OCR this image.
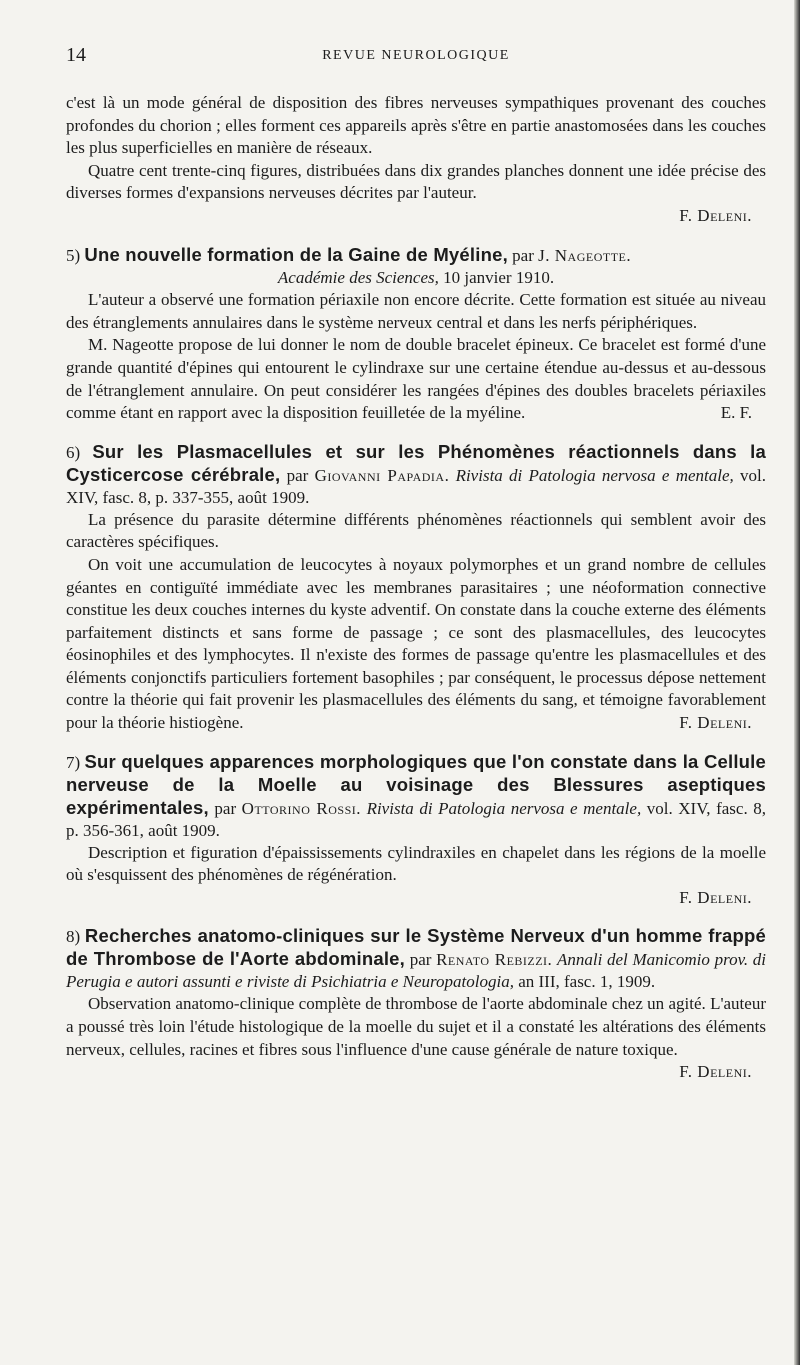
14	REVUE NEUROLOGIQUE

c'est là un mode général de disposition des fibres nerveuses sympathiques provenant des couches profondes du chorion ; elles forment ces appareils après s'être en partie anastomosées dans les couches les plus superficielles en manière de réseaux.

Quatre cent trente-cinq figures, distribuées dans dix grandes planches donnent une idée précise des diverses formes d'expansions nerveuses décrites par l'auteur.

F. Deleni.

5) Une nouvelle formation de la Gaine de Myéline, par J. Nageotte.

Académie des Sciences, 10 janvier 1910.

L'auteur a observé une formation périaxile non encore décrite. Cette formation est située au niveau des étranglements annulaires dans le système nerveux central et dans les nerfs périphériques.

M. Nageotte propose de lui donner le nom de double bracelet épineux. Ce bracelet est formé d'une grande quantité d'épines qui entourent le cylindraxe sur une certaine étendue au-dessus et au-dessous de l'étranglement annulaire. On peut considérer les rangées d'épines des doubles bracelets périaxiles comme étant en rapport avec la disposition feuilletée de la myéline.	E. F.

6) Sur les Plasmacellules et sur les Phénomènes réactionnels dans la Cysticercose cérébrale, par Giovanni Papadia. Rivista di Patologia nervosa e mentale, vol. XIV, fasc. 8, p. 337-355, août 1909.

La présence du parasite détermine différents phénomènes réactionnels qui semblent avoir des caractères spécifiques.

On voit une accumulation de leucocytes à noyaux polymorphes et un grand nombre de cellules géantes en contiguïté immédiate avec les membranes parasitaires ; une néoformation connective constitue les deux couches internes du kyste adventif. On constate dans la couche externe des éléments parfaitement distincts et sans forme de passage ; ce sont des plasmacellules, des leucocytes éosinophiles et des lymphocytes. Il n'existe des formes de passage qu'entre les plasmacellules et des éléments conjonctifs particuliers fortement basophiles ; par conséquent, le processus dépose nettement contre la théorie qui fait provenir les plasmacellules des éléments du sang, et témoigne favorablement pour la théorie histiogène.	F. Deleni.

7) Sur quelques apparences morphologiques que l'on constate dans la Cellule nerveuse de la Moelle au voisinage des Blessures aseptiques expérimentales, par Ottorino Rossi. Rivista di Patologia nervosa e mentale, vol. XIV, fasc. 8, p. 356-361, août 1909.

Description et figuration d'épaississements cylindraxiles en chapelet dans les régions de la moelle où s'esquissent des phénomènes de régénération.

F. Deleni.

8) Recherches anatomo-cliniques sur le Système Nerveux d'un homme frappé de Thrombose de l'Aorte abdominale, par Renato Rebizzi. Annali del Manicomio prov. di Perugia e autori assunti e riviste di Psichiatria e Neuropatologia, an III, fasc. 1, 1909.

Observation anatomo-clinique complète de thrombose de l'aorte abdominale chez un agité. L'auteur a poussé très loin l'étude histologique de la moelle du sujet et il a constaté les altérations des éléments nerveux, cellules, racines et fibres sous l'influence d'une cause générale de nature toxique.
F. Deleni.
